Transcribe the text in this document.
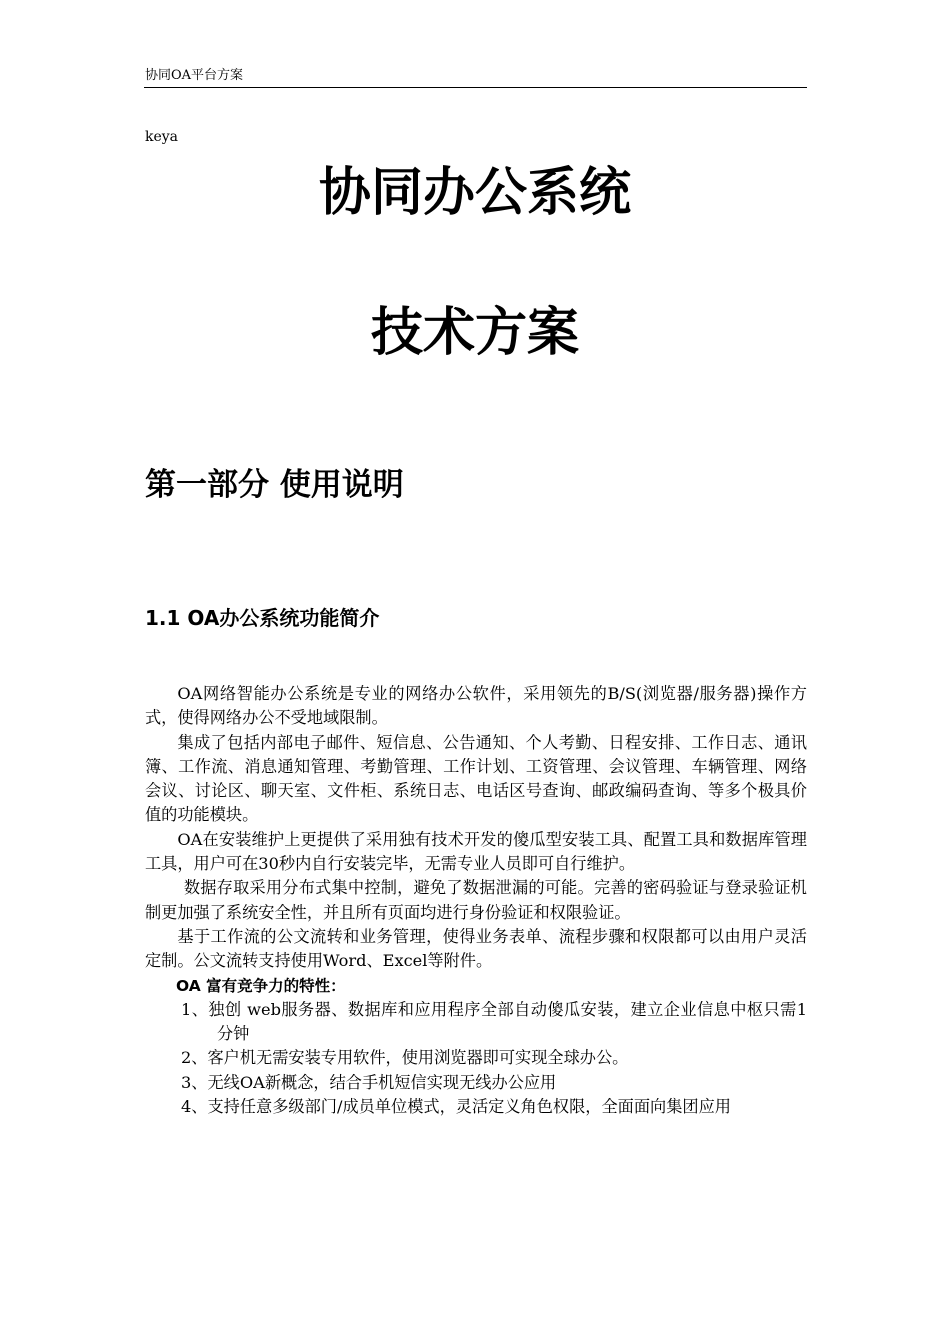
协同OA平台方案
keya
协同办公系统
技术方案
第一部分 使用说明
1.1 OA办公系统功能简介

OA网络智能办公系统是专业的网络办公软件，采用领先的B/S(浏览器/服务器)操作方式，使得网络办公不受地域限制。

集成了包括内部电子邮件、短信息、公告通知、个人考勤、日程安排、工作日志、通讯簿、工作流、消息通知管理、考勤管理、工作计划、工资管理、会议管理、车辆管理、网络会议、讨论区、聊天室、文件柜、系统日志、电话区号查询、邮政编码查询、等多个极具价值的功能模块。

OA在安装维护上更提供了采用独有技术开发的傻瓜型安装工具、配置工具和数据库管理工具，用户可在30秒内自行安装完毕，无需专业人员即可自行维护。

数据存取采用分布式集中控制，避免了数据泄漏的可能。完善的密码验证与登录验证机制更加强了系统安全性，并且所有页面均进行身份验证和权限验证。

基于工作流的公文流转和业务管理，使得业务表单、流程步骤和权限都可以由用户灵活定制。公文流转支持使用Word、Excel等附件。

OA 富有竞争力的特性：

1、独创 web服务器、数据库和应用程序全部自动傻瓜安装，建立企业信息中枢只需1分钟
2、客户机无需安装专用软件，使用浏览器即可实现全球办公。
3、无线OA新概念，结合手机短信实现无线办公应用
4、支持任意多级部门/成员单位模式，灵活定义角色权限，全面面向集团应用
